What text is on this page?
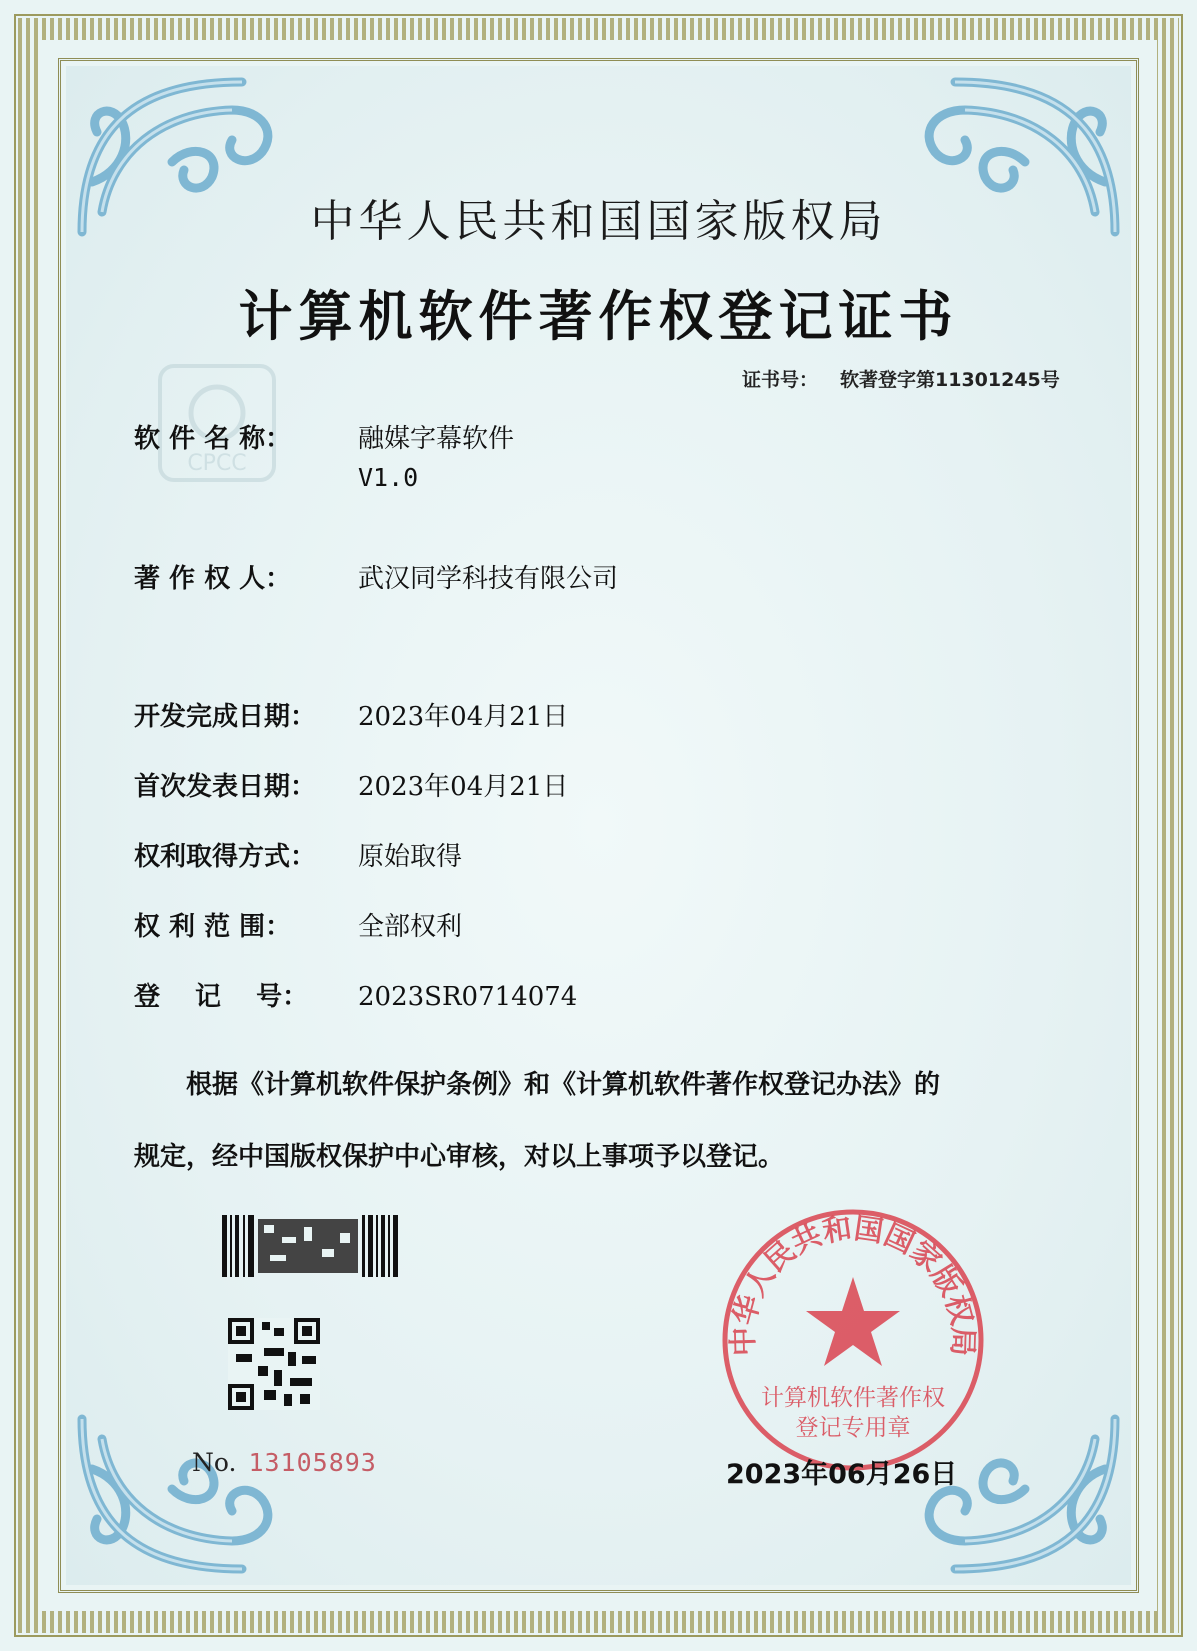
CPCC
中华人民共和国国家版权局
计算机软件著作权登记证书
证书号： 软著登字第11301245号
软 件 名 称：	融媒字幕软件
V1.0
著 作 权 人：	武汉同学科技有限公司
开发完成日期： 2023年04月21日
首次发表日期： 2023年04月21日
权利取得方式： 原始取得
权 利 范 围：	全部权利
登　 记　 号： 2023SR0714074
根据《计算机软件保护条例》和《计算机软件著作权登记办法》的
规定，经中国版权保护中心审核，对以上事项予以登记。
No. 13105893
中华人民共和国国家版权局
计算机软件著作权
登记专用章
2023年06月26日
